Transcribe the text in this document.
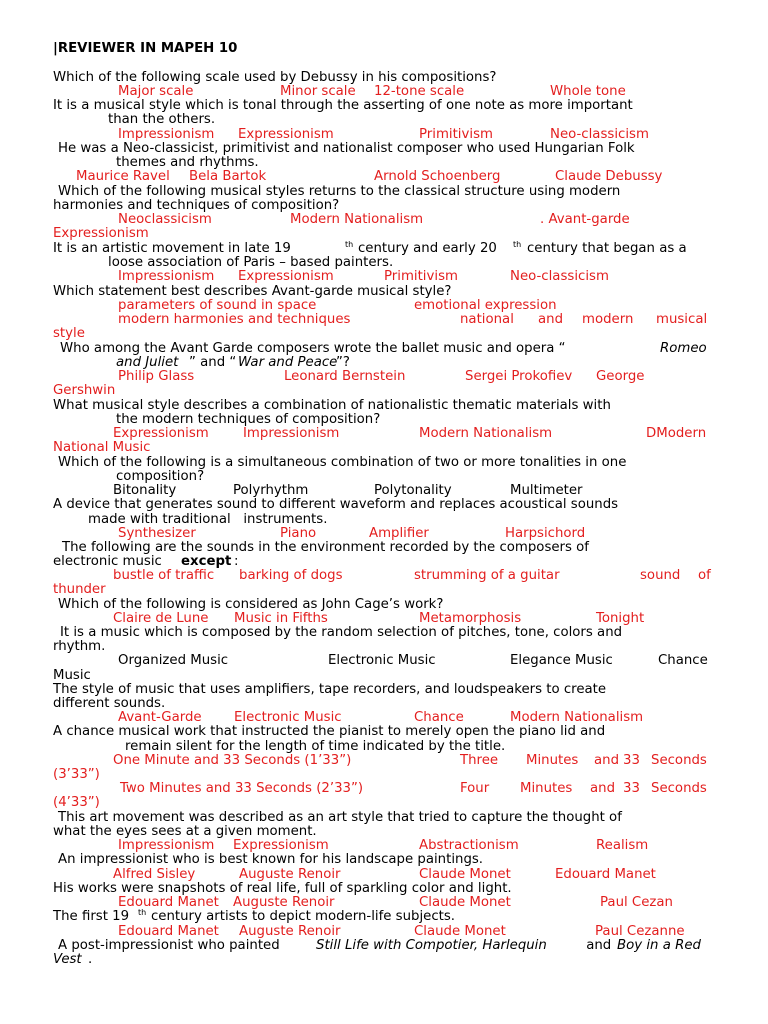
|REVIEWER IN MAPEH 10
Which of the following scale used by Debussy in his compositions?
Major scale	Minor scale 12-tone scale	Whole tone
It is a musical style which is tonal through the asserting of one note as more important
than the others.
Impressionism Expressionism	Primitivism	Neo-classicism
He was a Neo-classicist, primitivist and nationalist composer who used Hungarian Folk
themes and rhythms.
Maurice Ravel Bela Bartok	Arnold Schoenberg	Claude Debussy
Which of the following musical styles returns to the classical structure using modern
harmonies and techniques of composition?
Neoclassicism	Modern Nationalism	. Avant-garde
Expressionism
It is an artistic movement in late 19	th century and early 20 th century that began as a
loose association of Paris – based painters.
Impressionism Expressionism	Primitivism	Neo-classicism
Which statement best describes Avant-garde musical style?
parameters of sound in space	emotional expression
modern harmonies and techniques	national and modern musical
style
Who among the Avant Garde composers wrote the ballet music and opera “	Romeo
and Juliet ” and “ War and Peace
”?
Philip Glass	Leonard Bernstein	Sergei Prokofiev George
Gershwin
What musical style describes a combination of nationalistic thematic materials with
the modern techniques of composition?
Expressionism	Impressionism	Modern Nationalism	DModern
National Music
Which of the following is a simultaneous combination of two or more tonalities in one
composition?
Bitonality	Polyrhythm	Polytonality	Multimeter
A device that generates sound to different waveform and replaces acoustical sounds
made with traditional   instruments.
Synthesizer	Piano	Amplifier	Harpsichord
The following are the sounds in the environment recorded by the composers of
electronic music except :
bustle of traffic barking of dogs	strumming of a guitar	sound of
thunder
Which of the following is considered as John Cage’s work?
Claire de Lune Music in Fifths	Metamorphosis	Tonight
It is a music which is composed by the random selection of pitches, tone, colors and
rhythm.
Organized Music	Electronic Music	Elegance Music	Chance
Music
The style of music that uses amplifiers, tape recorders, and loudspeakers to create
different sounds.
Avant-Garde Electronic Music	Chance	Modern Nationalism
A chance musical work that instructed the pianist to merely open the piano lid and
remain silent for the length of time indicated by the title.
One Minute and 33 Seconds (1’33”)	Three Minutes and 33 Seconds
(3’33”)
Two Minutes and 33 Seconds (2’33”)	Four Minutes and 33 Seconds
(4’33”)
This art movement was described as an art style that tried to capture the thought of
what the eyes sees at a given moment.
Impressionism Expressionism	Abstractionism	Realism
An impressionist who is best known for his landscape paintings.
Alfred Sisley	Auguste Renoir	Claude Monet	Edouard Manet
His works were snapshots of real life, full of sparkling color and light.
Edouard Manet Auguste Renoir	Claude Monet	Paul Cezan
The first 19 th century artists to depict modern-life subjects.
Edouard Manet Auguste Renoir	Claude Monet	Paul Cezanne
A post-impressionist who painted Still Life with Compotier, Harlequin	and Boy in a Red
Vest .
